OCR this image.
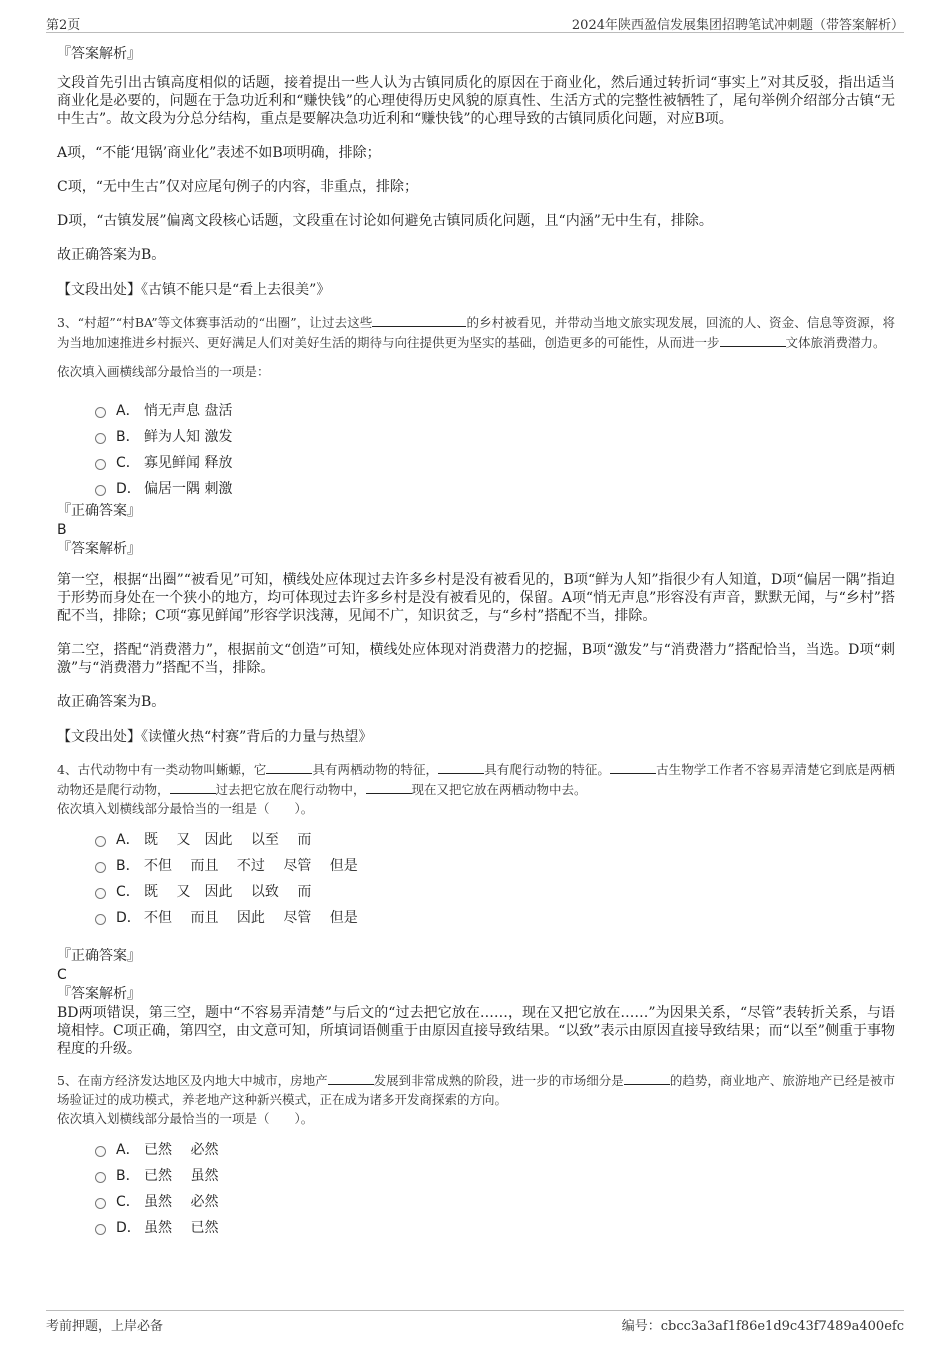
第2页	2024年陕西盈信发展集团招聘笔试冲刺题（带答案解析）

『答案解析』

文段首先引出古镇高度相似的话题，接着提出一些人认为古镇同质化的原因在于商业化，然后通过转折词“事实上”对其反驳，指出适当商业化是必要的，问题在于急功近利和“赚快钱”的心理使得历史风貌的原真性、生活方式的完整性被牺牲了，尾句举例介绍部分古镇“无中生古”。故文段为分总分结构，重点是要解决急功近利和“赚快钱”的心理导致的古镇同质化问题，对应B项。

A项，“不能‘甩锅’商业化”表述不如B项明确，排除；

C项，“无中生古”仅对应尾句例子的内容，非重点，排除；

D项，“古镇发展”偏离文段核心话题，文段重在讨论如何避免古镇同质化问题，且“内涵”无中生有，排除。

故正确答案为B。

【文段出处】《古镇不能只是“看上去很美”》

3、“村超”“村BA”等文体赛事活动的“出圈”，让过去这些	的乡村被看见，并带动当地文旅实现发展，回流的人、资金、信息等资源，将为当地加速推进乡村振兴、更好满足人们对美好生活的期待与向往提供更为坚实的基础，创造更多的可能性，从而进一步	文体旅消费潜力。

依次填入画横线部分最恰当的一项是：

A． 悄无声息 盘活
B． 鲜为人知 激发
C． 寡见鲜闻 释放
D． 偏居一隅 刺激

『正确答案』

B

『答案解析』

第一空，根据“出圈”“被看见”可知，横线处应体现过去许多乡村是没有被看见的，B项“鲜为人知”指很少有人知道，D项“偏居一隅”指迫于形势而身处在一个狭小的地方，均可体现过去许多乡村是没有被看见的，保留。A项“悄无声息”形容没有声音，默默无闻，与“乡村”搭配不当，排除；C项“寡见鲜闻”形容学识浅薄，见闻不广，知识贫乏，与“乡村”搭配不当，排除。

第二空，搭配“消费潜力”，根据前文“创造”可知，横线处应体现对消费潜力的挖掘，B项“激发”与“消费潜力”搭配恰当，当选。D项“刺激”与“消费潜力”搭配不当，排除。

故正确答案为B。

【文段出处】《读懂火热“村赛”背后的力量与热望》

4、古代动物中有一类动物叫蜥螈，它	具有两栖动物的特征，	具有爬行动物的特征。	古生物学工作者不容易弄清楚它到底是两栖动物还是爬行动物，	过去把它放在爬行动物中，	现在又把它放在两栖动物中去。

依次填入划横线部分最恰当的一组是（　　）。

A． 既　 又　因此　 以至　 而
B． 不但　 而且　 不过　 尽管　 但是
C． 既　 又　因此　 以致　 而
D． 不但　 而且　 因此　 尽管　 但是

『正确答案』

C

『答案解析』

BD两项错误，第三空，题中“不容易弄清楚”与后文的“过去把它放在……，现在又把它放在……”为因果关系，“尽管”表转折关系，与语境相悖。C项正确，第四空，由文意可知，所填词语侧重于由原因直接导致结果。“以致”表示由原因直接导致结果；而“以至”侧重于事物程度的升级。

5、在南方经济发达地区及内地大中城市，房地产	发展到非常成熟的阶段，进一步的市场细分是	的趋势，商业地产、旅游地产已经是被市场验证过的成功模式，养老地产这种新兴模式，正在成为诸多开发商探索的方向。

依次填入划横线部分最恰当的一项是（　　）。

A． 已然　 必然
B． 已然　 虽然
C． 虽然　 必然
D． 虽然　 已然
考前押题，上岸必备	编号：cbcc3a3af1f86e1d9c43f7489a400efc
